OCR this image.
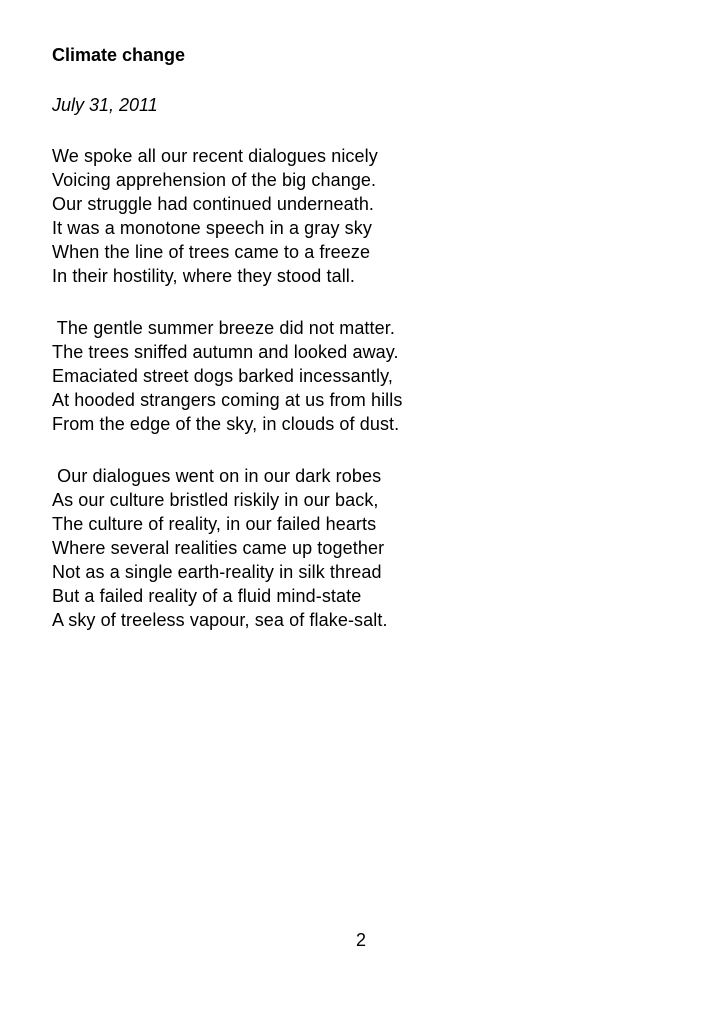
Climate change

July 31, 2011

We spoke all our recent dialogues nicely
Voicing apprehension of the big change.
Our struggle had continued underneath.
It was a monotone speech in a gray sky
When the line of trees came to a freeze
In their hostility, where they stood tall.
The gentle summer breeze did not matter.
The trees sniffed autumn and looked away.
Emaciated street dogs barked incessantly,
At hooded strangers coming at us from hills
From the edge of the sky, in clouds of dust.
Our dialogues went on in our dark robes
As our culture bristled riskily in our back,
The culture of reality, in our failed hearts
Where several realities came up together
Not as a single earth-reality in silk thread
But a failed reality of a fluid mind-state
A sky of treeless vapour, sea of flake-salt.
2
